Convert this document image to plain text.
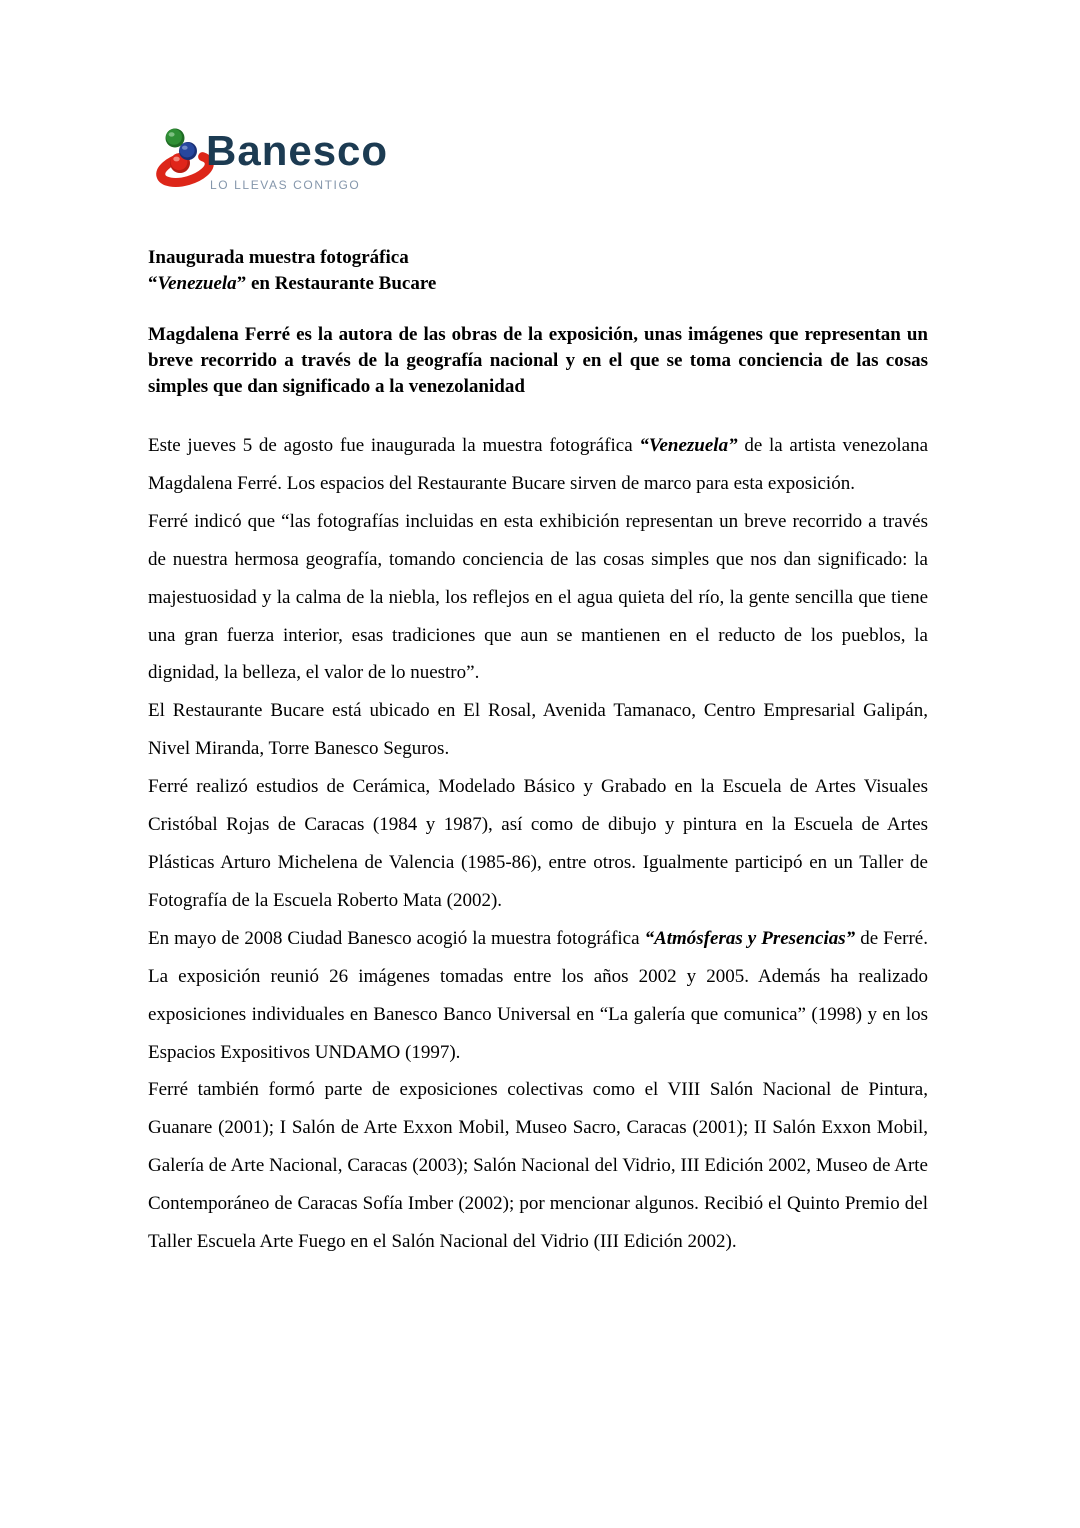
Banesco
LO LLEVAS CONTIGO

Inaugurada muestra fotográfica
“Venezuela” en Restaurante Bucare

Magdalena Ferré es la autora de las obras de la exposición, unas imágenes que representan un breve recorrido a través de la geografía nacional y en el que se toma conciencia de las cosas simples que dan significado a la venezolanidad

Este jueves 5 de agosto fue inaugurada la muestra fotográfica “Venezuela” de la artista venezolana Magdalena Ferré. Los espacios del Restaurante Bucare sirven de marco para esta exposición.

Ferré indicó que “las fotografías incluidas en esta exhibición representan un breve recorrido a través de nuestra hermosa geografía, tomando conciencia de las cosas simples que nos dan significado: la majestuosidad y la calma de la niebla, los reflejos en el agua quieta del río, la gente sencilla que tiene una gran fuerza interior, esas tradiciones que aun se mantienen en el reducto de los pueblos, la dignidad, la belleza, el valor de lo nuestro”.

El Restaurante Bucare está ubicado en El Rosal, Avenida Tamanaco, Centro Empresarial Galipán, Nivel Miranda, Torre Banesco Seguros.

Ferré realizó estudios de Cerámica, Modelado Básico y Grabado en la Escuela de Artes Visuales Cristóbal Rojas de Caracas (1984 y 1987), así como de dibujo y pintura en la Escuela de Artes Plásticas Arturo Michelena de Valencia (1985-86), entre otros. Igualmente participó en un Taller de Fotografía de la Escuela Roberto Mata (2002).

En mayo de 2008 Ciudad Banesco acogió la muestra fotográfica “Atmósferas y Presencias” de Ferré. La exposición reunió 26 imágenes tomadas entre los años 2002 y 2005. Además ha realizado exposiciones individuales en Banesco Banco Universal en “La galería que comunica” (1998) y en los Espacios Expositivos UNDAMO (1997).

Ferré también formó parte de exposiciones colectivas como el VIII Salón Nacional de Pintura, Guanare (2001); I Salón de Arte Exxon Mobil, Museo Sacro, Caracas (2001); II Salón Exxon Mobil, Galería de Arte Nacional, Caracas (2003); Salón Nacional del Vidrio, III Edición 2002, Museo de Arte Contemporáneo de Caracas Sofía Imber (2002); por mencionar algunos. Recibió el Quinto Premio del Taller Escuela Arte Fuego en el Salón Nacional del Vidrio (III Edición 2002).
